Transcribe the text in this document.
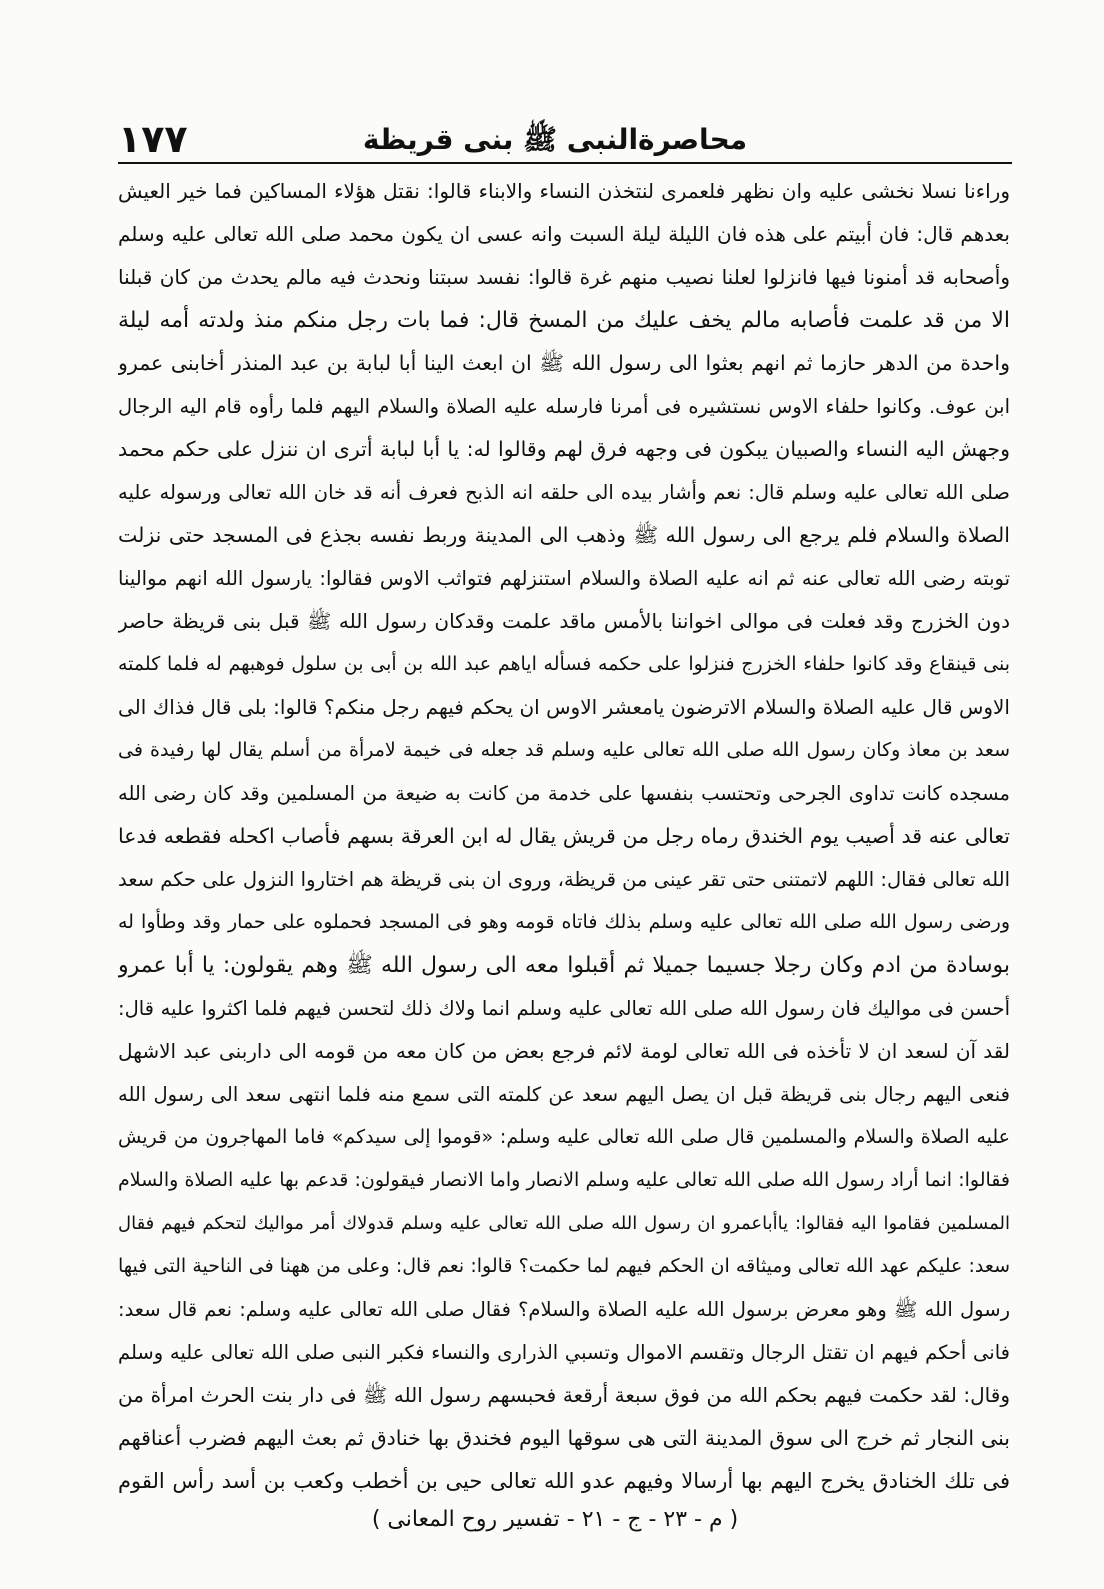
١٧٧	محاصرةالنبى ﷺ بنى قريظة
وراءنا نسلا نخشى عليه وان نظهر فلعمرى لنتخذن النساء والابناء قالوا: نقتل هؤلاء المساكين فما خير العيش
بعدهم قال: فان أبيتم على هذه فان الليلة ليلة السبت وانه عسى ان يكون محمد صلى الله تعالى عليه وسلم
وأصحابه قد أمنونا فيها فانزلوا لعلنا نصيب منهم غرة قالوا: نفسد سبتنا ونحدث فيه مالم يحدث من كان قبلنا
الا من قد علمت فأصابه مالم يخف عليك من المسخ قال: فما بات رجل منكم منذ ولدته أمه ليلة
واحدة من الدهر حازما ثم انهم بعثوا الى رسول الله ﷺ ان ابعث الينا أبا لبابة بن عبد المنذر أخابنى عمرو
ابن عوف. وكانوا حلفاء الاوس نستشيره فى أمرنا فارسله عليه الصلاة والسلام اليهم فلما رأوه قام اليه الرجال
وجهش اليه النساء والصبيان يبكون فى وجهه فرق لهم وقالوا له: يا أبا لبابة أترى ان ننزل على حكم محمد
صلى الله تعالى عليه وسلم قال: نعم وأشار بيده الى حلقه انه الذبح فعرف أنه قد خان الله تعالى ورسوله عليه
الصلاة والسلام فلم يرجع الى رسول الله ﷺ وذهب الى المدينة وربط نفسه بجذع فى المسجد حتى نزلت
توبته رضى الله تعالى عنه ثم انه عليه الصلاة والسلام استنزلهم فتواثب الاوس فقالوا: يارسول الله انهم موالينا
دون الخزرج وقد فعلت فى موالى اخواننا بالأمس ماقد علمت وقدكان رسول الله ﷺ قبل بنى قريظة حاصر
بنى قينقاع وقد كانوا حلفاء الخزرج فنزلوا على حكمه فسأله اياهم عبد الله بن أبى بن سلول فوهبهم له فلما كلمته
الاوس قال عليه الصلاة والسلام الاترضون يامعشر الاوس ان يحكم فيهم رجل منكم؟ قالوا: بلى قال فذاك الى
سعد بن معاذ وكان رسول الله صلى الله تعالى عليه وسلم قد جعله فى خيمة لامرأة من أسلم يقال لها رفيدة فى
مسجده كانت تداوى الجرحى وتحتسب بنفسها على خدمة من كانت به ضيعة من المسلمين وقد كان رضى الله
تعالى عنه قد أصيب يوم الخندق رماه رجل من قريش يقال له ابن العرقة بسهم فأصاب اكحله فقطعه فدعا
الله تعالى فقال: اللهم لاتمتنى حتى تقر عينى من قريظة، وروى ان بنى قريظة هم اختاروا النزول على حكم سعد
ورضى رسول الله صلى الله تعالى عليه وسلم بذلك فاتاه قومه وهو فى المسجد فحملوه على حمار وقد وطأوا له
بوسادة من ادم وكان رجلا جسيما جميلا ثم أقبلوا معه الى رسول الله ﷺ وهم يقولون: يا أبا عمرو
أحسن فى مواليك فان رسول الله صلى الله تعالى عليه وسلم انما ولاك ذلك لتحسن فيهم فلما اكثروا عليه قال:
لقد آن لسعد ان لا تأخذه فى الله تعالى لومة لائم فرجع بعض من كان معه من قومه الى داربنى عبد الاشهل
فنعى اليهم رجال بنى قريظة قبل ان يصل اليهم سعد عن كلمته التى سمع منه فلما انتهى سعد الى رسول الله
عليه الصلاة والسلام والمسلمين قال صلى الله تعالى عليه وسلم: «قوموا إلى سيدكم» فاما المهاجرون من قريش
فقالوا: انما أراد رسول الله صلى الله تعالى عليه وسلم الانصار واما الانصار فيقولون: قدعم بها عليه الصلاة والسلام
المسلمين فقاموا اليه فقالوا: ياأباعمرو ان رسول الله صلى الله تعالى عليه وسلم قدولاك أمر مواليك لتحكم فيهم فقال
سعد: عليكم عهد الله تعالى وميثاقه ان الحكم فيهم لما حكمت؟ قالوا: نعم قال: وعلى من ههنا فى الناحية التى فيها
رسول الله ﷺ وهو معرض برسول الله عليه الصلاة والسلام؟ فقال صلى الله تعالى عليه وسلم: نعم قال سعد:
فانى أحكم فيهم ان تقتل الرجال وتقسم الاموال وتسبي الذرارى والنساء فكبر النبى صلى الله تعالى عليه وسلم
وقال: لقد حكمت فيهم بحكم الله من فوق سبعة أرقعة فحبسهم رسول الله ﷺ فى دار بنت الحرث امرأة من
بنى النجار ثم خرج الى سوق المدينة التى هى سوقها اليوم فخندق بها خنادق ثم بعث اليهم فضرب أعناقهم
فى تلك الخنادق يخرج اليهم بها أرسالا وفيهم عدو الله تعالى حيى بن أخطب وكعب بن أسد رأس القوم
( م - ٢٣ - ج - ٢١ - تفسير روح المعانى )
